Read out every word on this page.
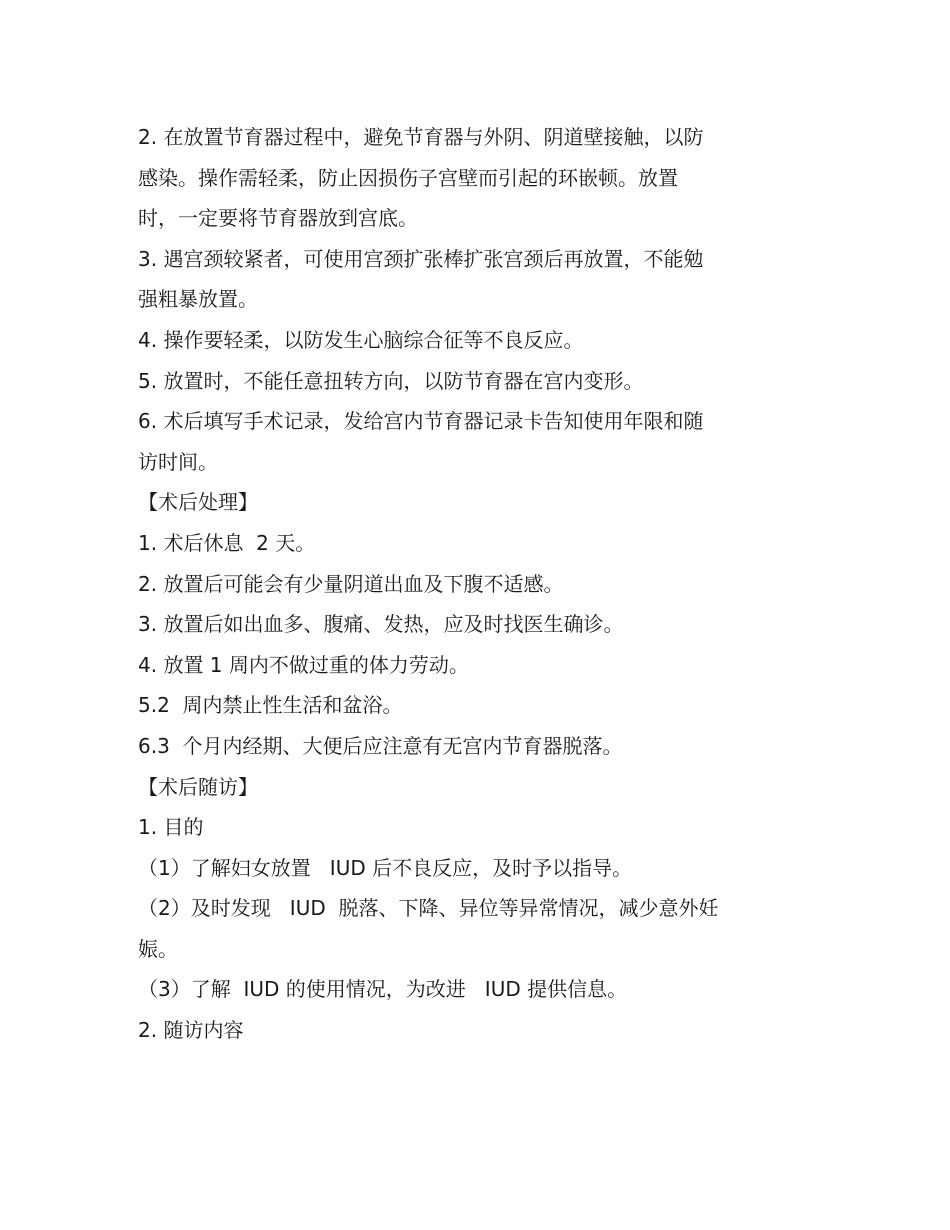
2. 在放置节育器过程中，避免节育器与外阴、阴道壁接触，以防

感染。操作需轻柔，防止因损伤子宫壁而引起的环嵌顿。放置

时，一定要将节育器放到宫底。

3. 遇宫颈较紧者，可使用宫颈扩张棒扩张宫颈后再放置，不能勉

强粗暴放置。

4. 操作要轻柔，以防发生心脑综合征等不良反应。

5. 放置时，不能任意扭转方向，以防节育器在宫内变形。

6. 术后填写手术记录，发给宫内节育器记录卡告知使用年限和随

访时间。

【术后处理】

1. 术后休息  2 天。

2. 放置后可能会有少量阴道出血及下腹不适感。

3. 放置后如出血多、腹痛、发热，应及时找医生确诊。

4. 放置 1 周内不做过重的体力劳动。

5.2  周内禁止性生活和盆浴。

6.3  个月内经期、大便后应注意有无宫内节育器脱落。

【术后随访】

1. 目的

（1）了解妇女放置   IUD 后不良反应，及时予以指导。

（2）及时发现   IUD  脱落、下降、异位等异常情况，减少意外妊

娠。

（3）了解  IUD 的使用情况，为改进   IUD 提供信息。

2. 随访内容
